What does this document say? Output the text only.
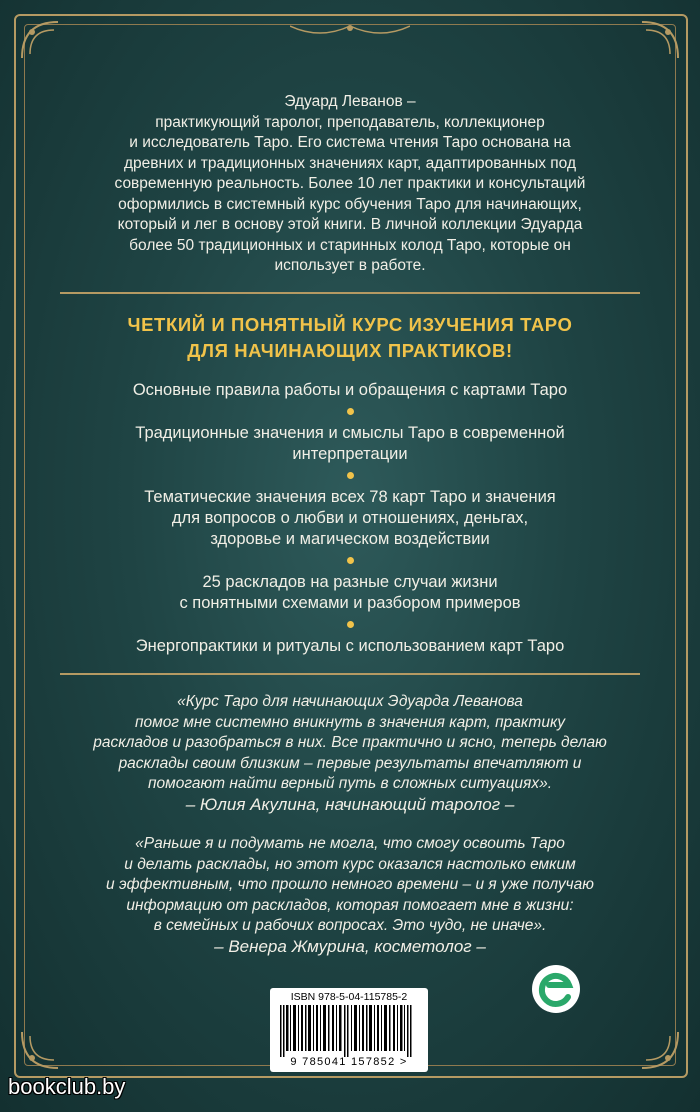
Эдуард Леванов –
практикующий таролог, преподаватель, коллекционер
и исследователь Таро. Его система чтения Таро основана на
древних и традиционных значениях карт, адаптированных под
современную реальность. Более 10 лет практики и консультаций
оформились в системный курс обучения Таро для начинающих,
который и лег в основу этой книги. В личной коллекции Эдуарда
более 50 традиционных и старинных колод Таро, которые он
использует в работе.
ЧЕТКИЙ И ПОНЯТНЫЙ КУРС ИЗУЧЕНИЯ ТАРО
ДЛЯ НАЧИНАЮЩИХ ПРАКТИКОВ!
Основные правила работы и обращения с картами Таро
Традиционные значения и смыслы Таро в современной
интерпретации
Тематические значения всех 78 карт Таро и значения
для вопросов о любви и отношениях, деньгах,
здоровье и магическом воздействии
25 раскладов на разные случаи жизни
с понятными схемами и разбором примеров
Энергопрактики и ритуалы с использованием карт Таро
«Курс Таро для начинающих Эдуарда Леванова
помог мне системно вникнуть в значения карт, практику
раскладов и разобраться в них. Все практично и ясно, теперь делаю
расклады своим близким – первые результаты впечатляют и
помогают найти верный путь в сложных ситуациях».
– Юлия Акулина, начинающий таролог –
«Раньше я и подумать не могла, что смогу освоить Таро
и делать расклады, но этот курс оказался настолько емким
и эффективным, что прошло немного времени – и я уже получаю
информацию от раскладов, которая помогает мне в жизни:
в семейных и рабочих вопросах. Это чудо, не иначе».
– Венера Жмурина, косметолог –
ISBN 978-5-04-115785-2
9 785041 157852 >
bookclub.by
